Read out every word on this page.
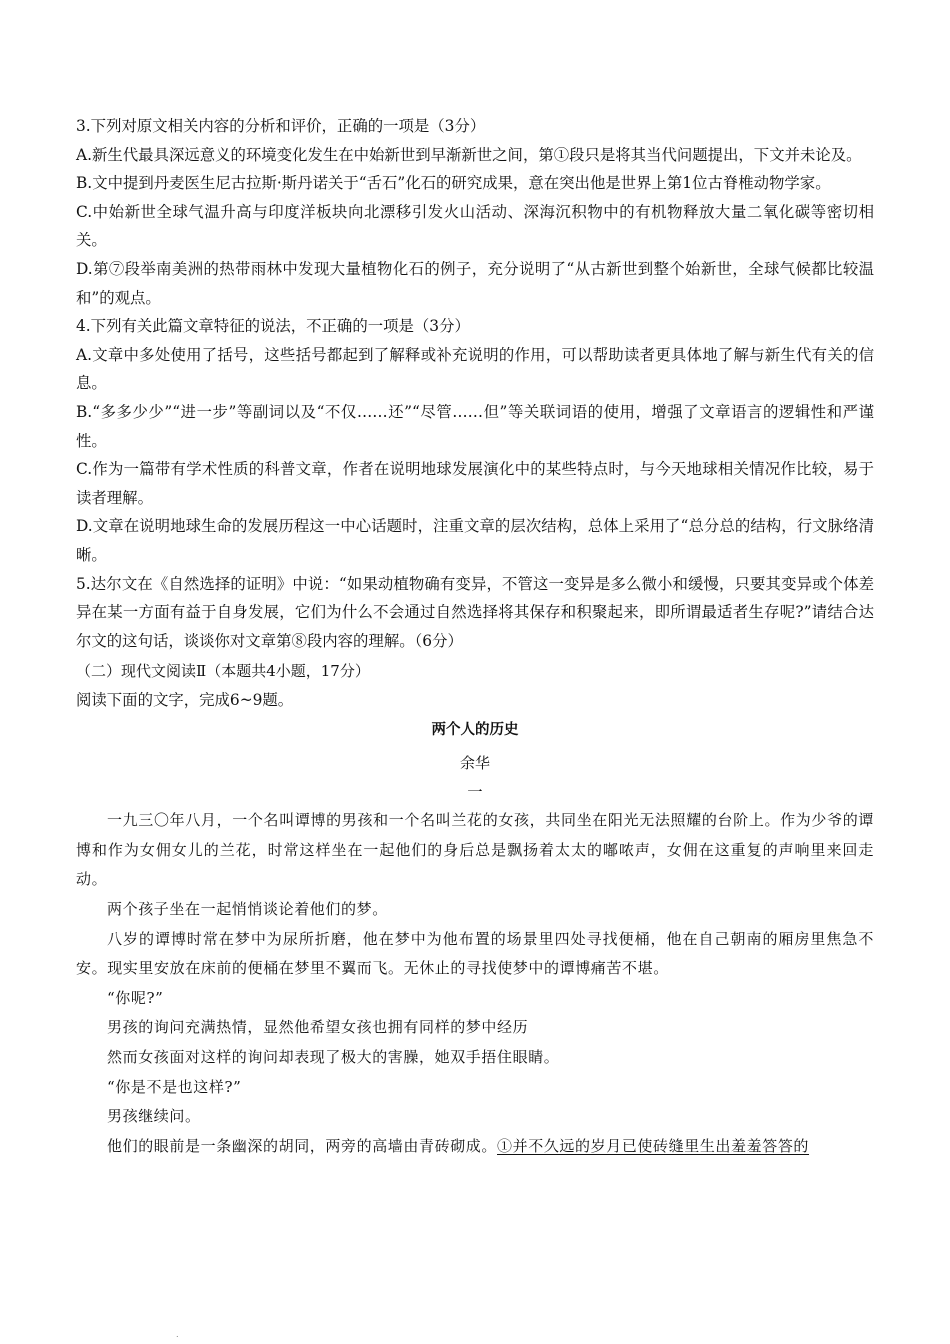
3.下列对原文相关内容的分析和评价，正确的一项是（3分）

A.新生代最具深远意义的环境变化发生在中始新世到早渐新世之间，第①段只是将其当代问题提出，下文并未论及。

B.文中提到丹麦医生尼古拉斯·斯丹诺关于“舌石”化石的研究成果，意在突出他是世界上第1位古脊椎动物学家。

C.中始新世全球气温升高与印度洋板块向北漂移引发火山活动、深海沉积物中的有机物释放大量二氧化碳等密切相关。

D.第⑦段举南美洲的热带雨林中发现大量植物化石的例子，充分说明了“从古新世到整个始新世，全球气候都比较温和”的观点。

4.下列有关此篇文章特征的说法，不正确的一项是（3分）

A.文章中多处使用了括号，这些括号都起到了解释或补充说明的作用，可以帮助读者更具体地了解与新生代有关的信息。

B.“多多少少”“进一步”等副词以及“不仅……还”“尽管……但”等关联词语的使用，增强了文章语言的逻辑性和严谨性。

C.作为一篇带有学术性质的科普文章，作者在说明地球发展演化中的某些特点时，与今天地球相关情况作比较，易于读者理解。

D.文章在说明地球生命的发展历程这一中心话题时，注重文章的层次结构，总体上采用了“总分总的结构，行文脉络清晰。

5.达尔文在《自然选择的证明》中说：“如果动植物确有变异，不管这一变异是多么微小和缓慢，只要其变异或个体差异在某一方面有益于自身发展，它们为什么不会通过自然选择将其保存和积聚起来，即所谓最适者生存呢?”请结合达尔文的这句话，谈谈你对文章第⑧段内容的理解。（6分）

（二）现代文阅读Ⅱ（本题共4小题，17分）

阅读下面的文字，完成6~9题。

两个人的历史

余华

一

一九三〇年八月，一个名叫谭博的男孩和一个名叫兰花的女孩，共同坐在阳光无法照耀的台阶上。作为少爷的谭博和作为女佣女儿的兰花，时常这样坐在一起他们的身后总是飘扬着太太的嘟哝声，女佣在这重复的声响里来回走动。

两个孩子坐在一起悄悄谈论着他们的梦。

八岁的谭博时常在梦中为尿所折磨，他在梦中为他布置的场景里四处寻找便桶，他在自己朝南的厢房里焦急不安。现实里安放在床前的便桶在梦里不翼而飞。无休止的寻找使梦中的谭博痛苦不堪。

“你呢?”

男孩的询问充满热情，显然他希望女孩也拥有同样的梦中经历

然而女孩面对这样的询问却表现了极大的害臊，她双手捂住眼睛。

“你是不是也这样?”

男孩继续问。

他们的眼前是一条幽深的胡同，两旁的高墙由青砖砌成。①并不久远的岁月已使砖缝里生出羞羞答答的

.
